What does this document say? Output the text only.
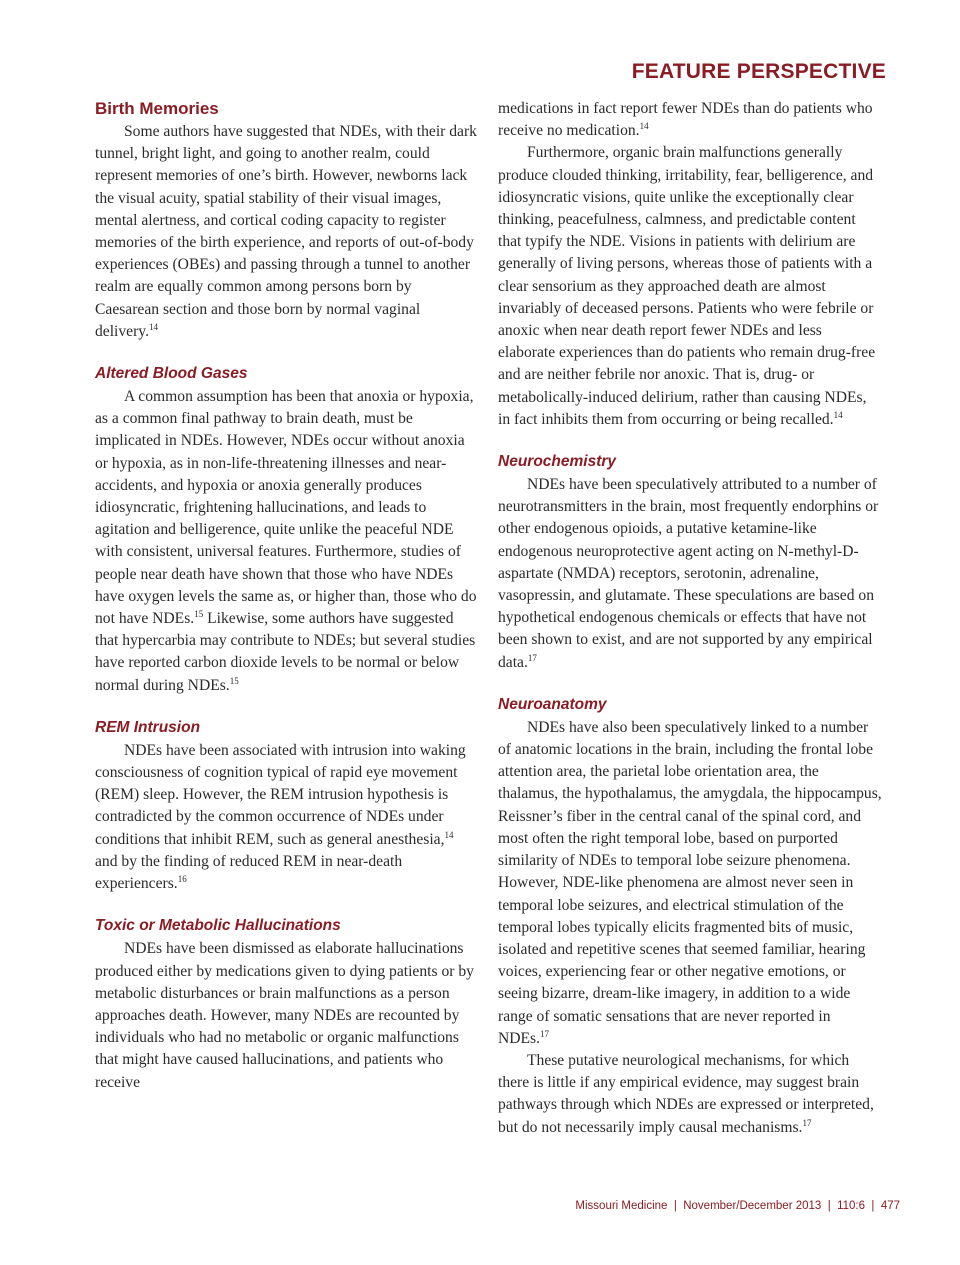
FEATURE PERSPECTIVE
Birth Memories

Some authors have suggested that NDEs, with their dark tunnel, bright light, and going to another realm, could represent memories of one’s birth. However, newborns lack the visual acuity, spatial stability of their visual images, mental alertness, and cortical coding capacity to register memories of the birth experience, and reports of out-of-body experiences (OBEs) and passing through a tunnel to another realm are equally common among persons born by Caesarean section and those born by normal vaginal delivery.$^{14}$

Altered Blood Gases

A common assumption has been that anoxia or hypoxia, as a common final pathway to brain death, must be implicated in NDEs. However, NDEs occur without anoxia or hypoxia, as in non-life-threatening illnesses and near-accidents, and hypoxia or anoxia generally produces idiosyncratic, frightening hallucinations, and leads to agitation and belligerence, quite unlike the peaceful NDE with consistent, universal features. Furthermore, studies of people near death have shown that those who have NDEs have oxygen levels the same as, or higher than, those who do not have NDEs.$^{15}$ Likewise, some authors have suggested that hypercarbia may contribute to NDEs; but several studies have reported carbon dioxide levels to be normal or below normal during NDEs.$^{15}$

REM Intrusion

NDEs have been associated with intrusion into waking consciousness of cognition typical of rapid eye movement (REM) sleep. However, the REM intrusion hypothesis is contradicted by the common occurrence of NDEs under conditions that inhibit REM, such as general anesthesia,$^{14}$ and by the finding of reduced REM in near-death experiencers.$^{16}$

Toxic or Metabolic Hallucinations

NDEs have been dismissed as elaborate hallucinations produced either by medications given to dying patients or by metabolic disturbances or brain malfunctions as a person approaches death. However, many NDEs are recounted by individuals who had no metabolic or organic malfunctions that might have caused hallucinations, and patients who receive

medications in fact report fewer NDEs than do patients who receive no medication.$^{14}$

Furthermore, organic brain malfunctions generally produce clouded thinking, irritability, fear, belligerence, and idiosyncratic visions, quite unlike the exceptionally clear thinking, peacefulness, calmness, and predictable content that typify the NDE. Visions in patients with delirium are generally of living persons, whereas those of patients with a clear sensorium as they approached death are almost invariably of deceased persons. Patients who were febrile or anoxic when near death report fewer NDEs and less elaborate experiences than do patients who remain drug-free and are neither febrile nor anoxic. That is, drug- or metabolically-induced delirium, rather than causing NDEs, in fact inhibits them from occurring or being recalled.$^{14}$

Neurochemistry

NDEs have been speculatively attributed to a number of neurotransmitters in the brain, most frequently endorphins or other endogenous opioids, a putative ketamine-like endogenous neuroprotective agent acting on N-methyl-D-aspartate (NMDA) receptors, serotonin, adrenaline, vasopressin, and glutamate. These speculations are based on hypothetical endogenous chemicals or effects that have not been shown to exist, and are not supported by any empirical data.$^{17}$

Neuroanatomy

NDEs have also been speculatively linked to a number of anatomic locations in the brain, including the frontal lobe attention area, the parietal lobe orientation area, the thalamus, the hypothalamus, the amygdala, the hippocampus, Reissner’s fiber in the central canal of the spinal cord, and most often the right temporal lobe, based on purported similarity of NDEs to temporal lobe seizure phenomena. However, NDE-like phenomena are almost never seen in temporal lobe seizures, and electrical stimulation of the temporal lobes typically elicits fragmented bits of music, isolated and repetitive scenes that seemed familiar, hearing voices, experiencing fear or other negative emotions, or seeing bizarre, dream-like imagery, in addition to a wide range of somatic sensations that are never reported in NDEs.$^{17}$

These putative neurological mechanisms, for which there is little if any empirical evidence, may suggest brain pathways through which NDEs are expressed or interpreted, but do not necessarily imply causal mechanisms.$^{17}$

Missouri Medicine  |  November/December 2013  |  110:6  |  477
